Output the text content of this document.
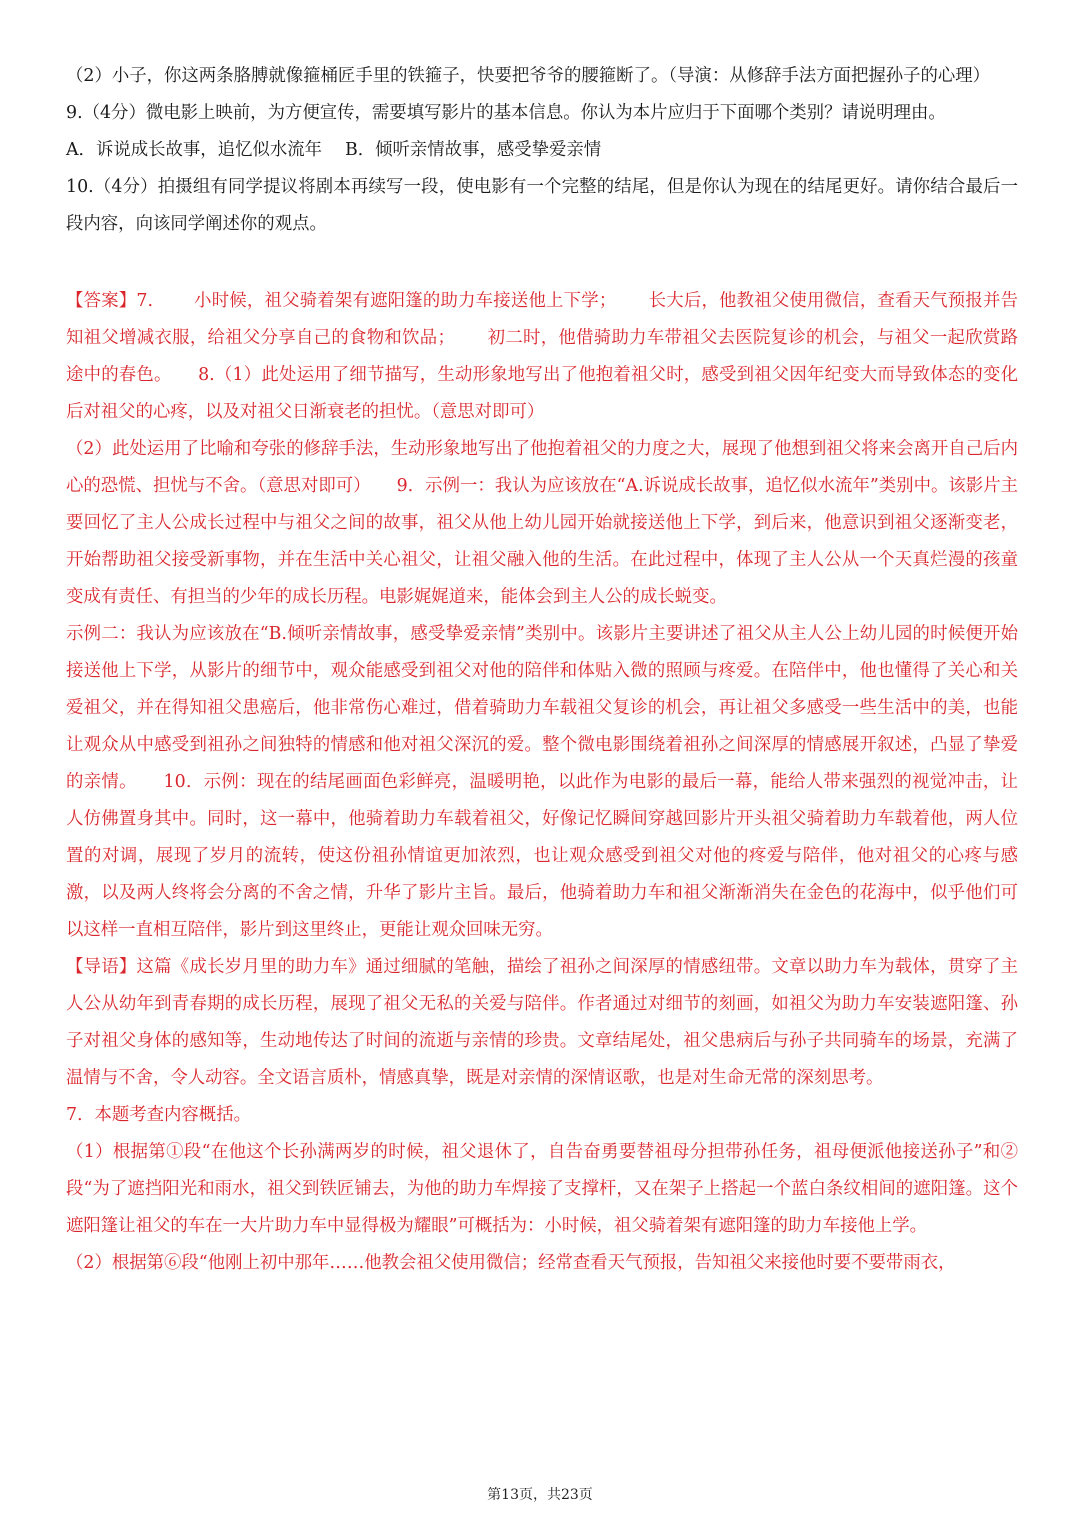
（2）小子，你这两条胳膊就像箍桶匠手里的铁箍子，快要把爷爷的腰箍断了。（导演：从修辞手法方面把握孙子的心理）

9.（4分）微电影上映前，为方便宣传，需要填写影片的基本信息。你认为本片应归于下面哪个类别？请说明理由。

A．诉说成长故事，追忆似水流年　 B．倾听亲情故事，感受挚爱亲情

10.（4分）拍摄组有同学提议将剧本再续写一段，使电影有一个完整的结尾，但是你认为现在的结尾更好。请你结合最后一段内容，向该同学阐述你的观点。

【答案】7.　　 小时候，祖父骑着架有遮阳篷的助力车接送他上下学；　　 长大后，他教祖父使用微信，查看天气预报并告知祖父增减衣服，给祖父分享自己的食物和饮品；　　 初二时，他借骑助力车带祖父去医院复诊的机会，与祖父一起欣赏路途中的春色。　　8.（1）此处运用了细节描写，生动形象地写出了他抱着祖父时，感受到祖父因年纪变大而导致体态的变化后对祖父的心疼，以及对祖父日渐衰老的担忧。（意思对即可）

（2）此处运用了比喻和夸张的修辞手法，生动形象地写出了他抱着祖父的力度之大，展现了他想到祖父将来会离开自己后内心的恐慌、担忧与不舍。（意思对即可）　　9．示例一：我认为应该放在“A.诉说成长故事，追忆似水流年”类别中。该影片主要回忆了主人公成长过程中与祖父之间的故事，祖父从他上幼儿园开始就接送他上下学，到后来，他意识到祖父逐渐变老，开始帮助祖父接受新事物，并在生活中关心祖父，让祖父融入他的生活。在此过程中，体现了主人公从一个天真烂漫的孩童变成有责任、有担当的少年的成长历程。电影娓娓道来，能体会到主人公的成长蜕变。

示例二：我认为应该放在“B.倾听亲情故事，感受挚爱亲情”类别中。该影片主要讲述了祖父从主人公上幼儿园的时候便开始接送他上下学，从影片的细节中，观众能感受到祖父对他的陪伴和体贴入微的照顾与疼爱。在陪伴中，他也懂得了关心和关爱祖父，并在得知祖父患癌后，他非常伤心难过，借着骑助力车载祖父复诊的机会，再让祖父多感受一些生活中的美，也能让观众从中感受到祖孙之间独特的情感和他对祖父深沉的爱。整个微电影围绕着祖孙之间深厚的情感展开叙述，凸显了挚爱的亲情。　　10．示例：现在的结尾画面色彩鲜亮，温暖明艳，以此作为电影的最后一幕，能给人带来强烈的视觉冲击，让人仿佛置身其中。同时，这一幕中，他骑着助力车载着祖父，好像记忆瞬间穿越回影片开头祖父骑着助力车载着他，两人位置的对调，展现了岁月的流转，使这份祖孙情谊更加浓烈，也让观众感受到祖父对他的疼爱与陪伴，他对祖父的心疼与感激，以及两人终将会分离的不舍之情，升华了影片主旨。最后，他骑着助力车和祖父渐渐消失在金色的花海中，似乎他们可以这样一直相互陪伴，影片到这里终止，更能让观众回味无穷。

【导语】这篇《成长岁月里的助力车》通过细腻的笔触，描绘了祖孙之间深厚的情感纽带。文章以助力车为载体，贯穿了主人公从幼年到青春期的成长历程，展现了祖父无私的关爱与陪伴。作者通过对细节的刻画，如祖父为助力车安装遮阳篷、孙子对祖父身体的感知等，生动地传达了时间的流逝与亲情的珍贵。文章结尾处，祖父患病后与孙子共同骑车的场景，充满了温情与不舍，令人动容。全文语言质朴，情感真挚，既是对亲情的深情讴歌，也是对生命无常的深刻思考。

7．本题考查内容概括。

（1）根据第①段“在他这个长孙满两岁的时候，祖父退休了，自告奋勇要替祖母分担带孙任务，祖母便派他接送孙子”和②段“为了遮挡阳光和雨水，祖父到铁匠铺去，为他的助力车焊接了支撑杆，又在架子上搭起一个蓝白条纹相间的遮阳篷。这个遮阳篷让祖父的车在一大片助力车中显得极为耀眼”可概括为：小时候，祖父骑着架有遮阳篷的助力车接他上学。

（2）根据第⑥段“他刚上初中那年……他教会祖父使用微信；经常查看天气预报，告知祖父来接他时要不要带雨衣，

第13页，共23页
